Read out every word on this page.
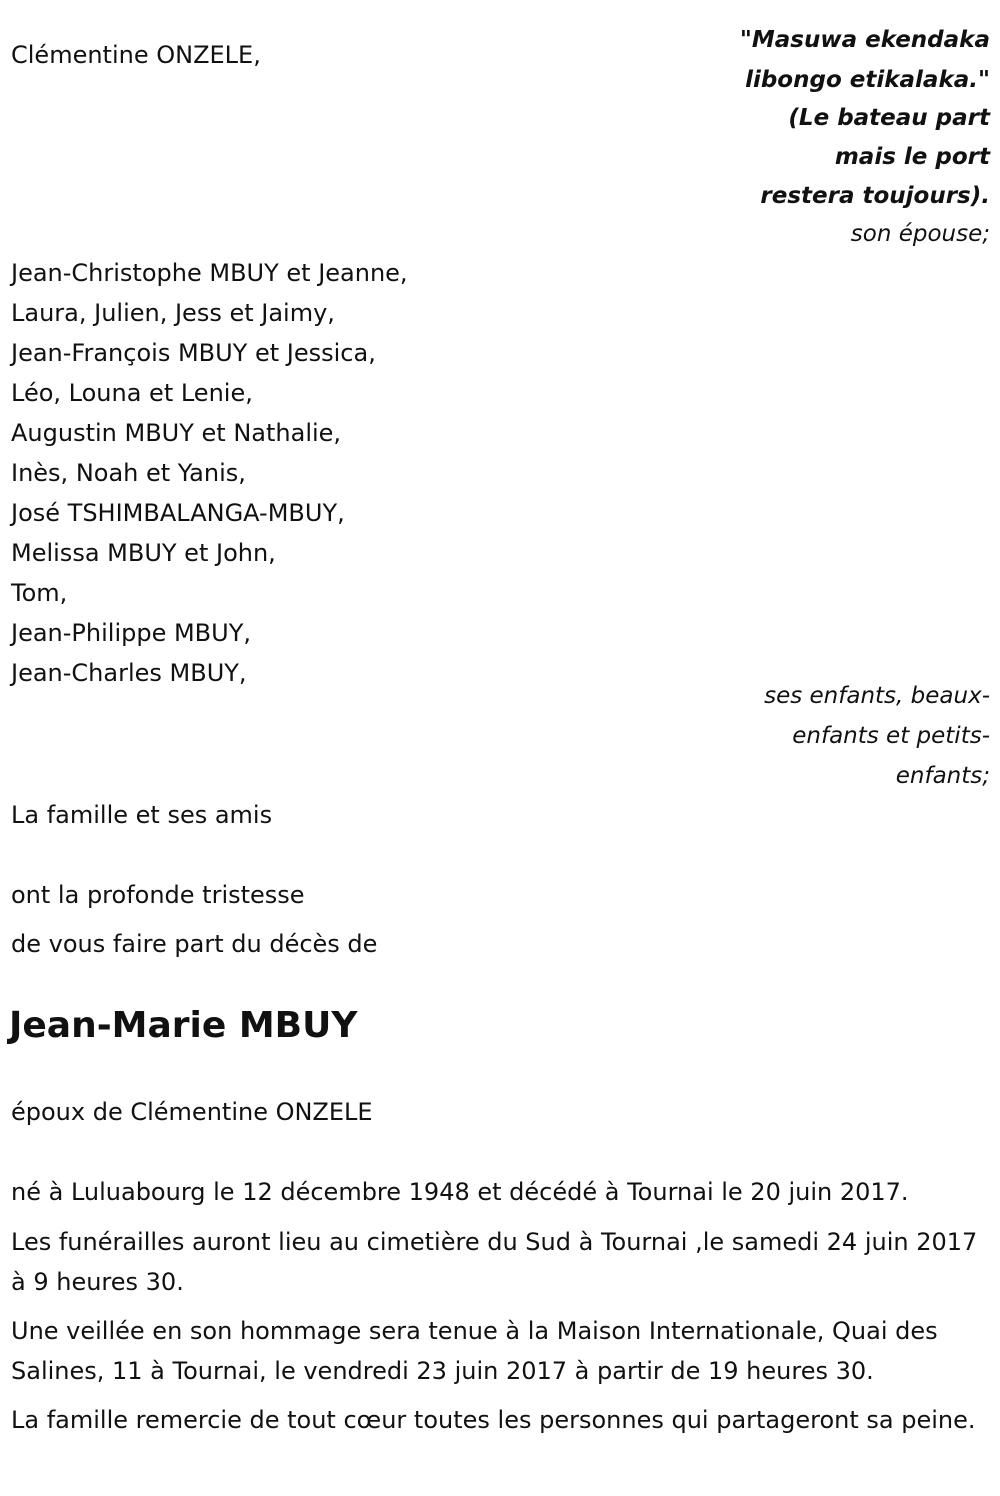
Clémentine ONZELE,
"Masuwa ekendaka
libongo etikalaka."
(Le bateau part
mais le port
restera toujours).
son épouse;
Jean-Christophe MBUY et Jeanne,
Laura, Julien, Jess et Jaimy,
Jean-François MBUY et Jessica,
Léo, Louna et Lenie,
Augustin MBUY et Nathalie,
Inès, Noah et Yanis,
José TSHIMBALANGA-MBUY,
Melissa MBUY et John,
Tom,
Jean-Philippe MBUY,
Jean-Charles MBUY,
ses enfants, beaux-
enfants et petits-
enfants;
La famille et ses amis
ont la profonde tristesse
de vous faire part du décès de
Jean-Marie MBUY
époux de Clémentine ONZELE
né à Luluabourg le 12 décembre 1948 et décédé à Tournai le 20 juin 2017.
Les funérailles auront lieu au cimetière du Sud à Tournai ,le samedi 24 juin 2017 à 9 heures 30.
Une veillée en son hommage sera tenue à la Maison Internationale, Quai des Salines, 11 à Tournai, le vendredi 23 juin 2017 à partir de 19 heures 30.
La famille remercie de tout cœur toutes les personnes qui partageront sa peine.
